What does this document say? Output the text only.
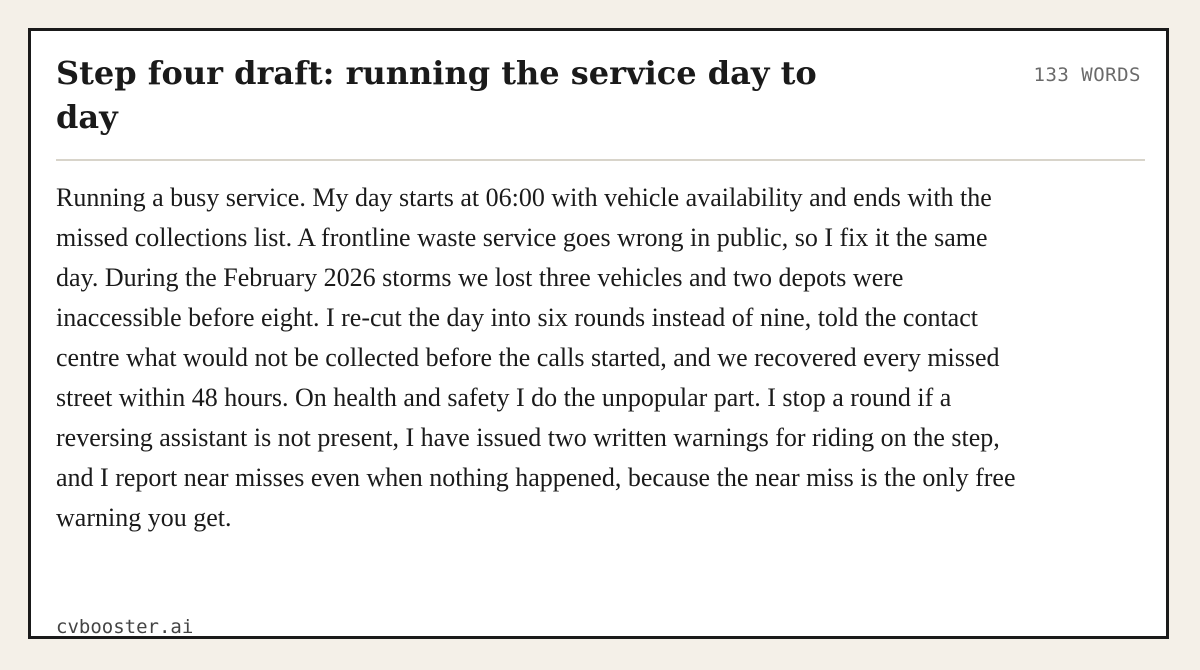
Step four draft: running the service day to day
133 WORDS

Running a busy service. My day starts at 06:00 with vehicle availability and ends with the missed collections list. A frontline waste service goes wrong in public, so I fix it the same day. During the February 2026 storms we lost three vehicles and two depots were inaccessible before eight. I re-cut the day into six rounds instead of nine, told the contact centre what would not be collected before the calls started, and we recovered every missed street within 48 hours. On health and safety I do the unpopular part. I stop a round if a reversing assistant is not present, I have issued two written warnings for riding on the step, and I report near misses even when nothing happened, because the near miss is the only free warning you get.

cvbooster.ai
